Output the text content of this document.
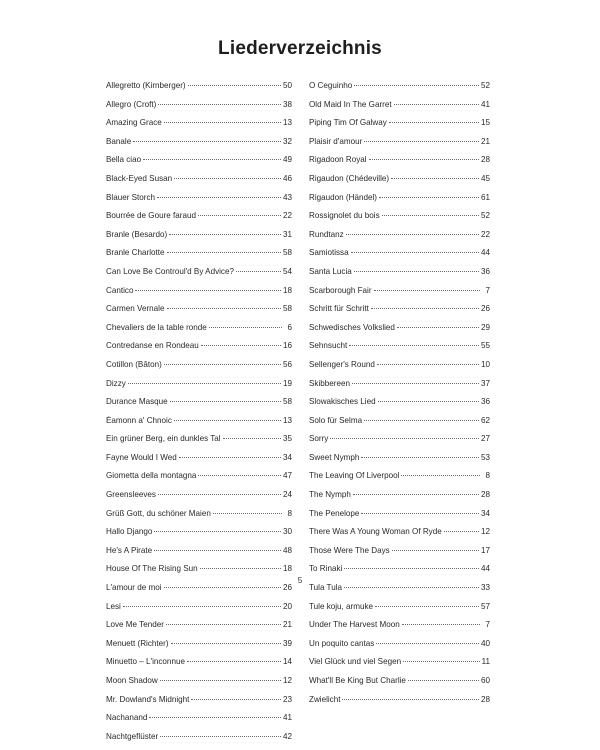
Liederverzeichnis
Allegretto (Kirnberger)	50
Allegro (Croft)	38
Amazing Grace	13
Banale	32
Bella ciao	49
Black-Eyed Susan	46
Blauer Storch	43
Bourrée de Goure faraud	22
Branle (Besardo)	31
Branle Charlotte	58
Can Love Be Controul'd By Advice?	54
Cantico	18
Carmen Vernale	58
Chevaliers de la table ronde	6
Contredanse en Rondeau	16
Cotillon (Bâton)	56
Dizzy	19
Durance Masque	58
Éamonn a' Chnoic	13
Ein grüner Berg, ein dunkles Tal	35
Fayne Would I Wed	34
Giometta della montagna	47
Greensleeves	24
Grüß Gott, du schöner Maien	8
Hallo Django	30
He's A Pirate	48
House Of The Rising Sun	18
L'amour de moi	26
Lesi	20
Love Me Tender	21
Menuett (Richter)	39
Minuetto – L'inconnue	14
Moon Shadow	12
Mr. Dowland's Midnight	23
Nachanand	41
Nachtgeflüster	42
O Ceguinho	52
Old Maid In The Garret	41
Piping Tim Of Galway	15
Plaisir d'amour	21
Rigadoon Royal	28
Rigaudon (Chédeville)	45
Rigaudon (Händel)	61
Rossignolet du bois	52
Rundtanz	22
Samiotissa	44
Santa Lucia	36
Scarborough Fair	7
Schritt für Schritt	26
Schwedisches Volkslied	29
Sehnsucht	55
Sellenger's Round	10
Skibbereen	37
Slowakisches Lied	36
Solo für Selma	62
Sorry	27
Sweet Nymph	53
The Leaving Of Liverpool	8
The Nymph	28
The Penelope	34
There Was A Young Woman Of Ryde	12
Those Were The Days	17
To Rinaki	44
Tula Tula	33
Tule koju, armuke	57
Under The Harvest Moon	7
Un poquito cantas	40
Viel Glück und viel Segen	11
What'll Be King But Charlie	60
Zwielicht	28
5
